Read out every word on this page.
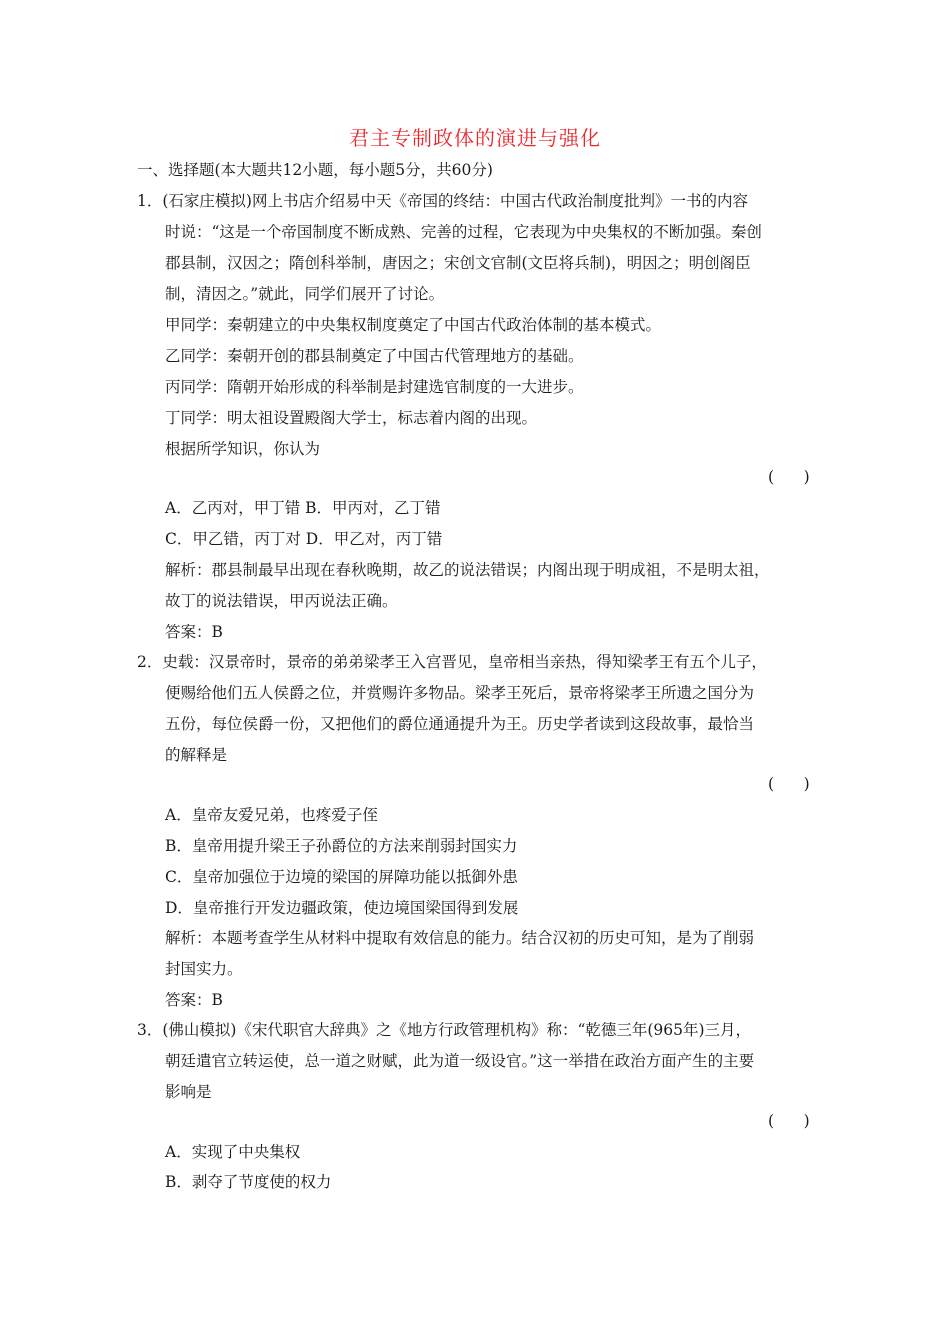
君主专制政体的演进与强化
一、选择题(本大题共12小题，每小题5分，共60分)
1．(石家庄模拟)网上书店介绍易中天《帝国的终结：中国古代政治制度批判》一书的内容
时说：“这是一个帝国制度不断成熟、完善的过程，它表现为中央集权的不断加强。秦创
郡县制，汉因之；隋创科举制，唐因之；宋创文官制(文臣将兵制)，明因之；明创阁臣
制，清因之。”就此，同学们展开了讨论。
甲同学：秦朝建立的中央集权制度奠定了中国古代政治体制的基本模式。
乙同学：秦朝开创的郡县制奠定了中国古代管理地方的基础。
丙同学：隋朝开始形成的科举制是封建选官制度的一大进步。
丁同学：明太祖设置殿阁大学士，标志着内阁的出现。
根据所学知识，你认为
(      )
A．乙丙对，甲丁错 B．甲丙对，乙丁错
C．甲乙错，丙丁对 D．甲乙对，丙丁错
解析：郡县制最早出现在春秋晚期，故乙的说法错误；内阁出现于明成祖，不是明太祖，
故丁的说法错误，甲丙说法正确。
答案：B
2．史载：汉景帝时，景帝的弟弟梁孝王入宫晋见，皇帝相当亲热，得知梁孝王有五个儿子，
便赐给他们五人侯爵之位，并赏赐许多物品。梁孝王死后，景帝将梁孝王所遗之国分为
五份，每位侯爵一份，又把他们的爵位通通提升为王。历史学者读到这段故事，最恰当
的解释是
(      )
A．皇帝友爱兄弟，也疼爱子侄
B．皇帝用提升梁王子孙爵位的方法来削弱封国实力
C．皇帝加强位于边境的梁国的屏障功能以抵御外患
D．皇帝推行开发边疆政策，使边境国梁国得到发展
解析：本题考查学生从材料中提取有效信息的能力。结合汉初的历史可知，是为了削弱
封国实力。
答案：B
3．(佛山模拟)《宋代职官大辞典》之《地方行政管理机构》称：“乾德三年(965年)三月，
朝廷遣官立转运使，总一道之财赋，此为道一级设官。”这一举措在政治方面产生的主要
影响是
(      )
A．实现了中央集权
B．剥夺了节度使的权力
